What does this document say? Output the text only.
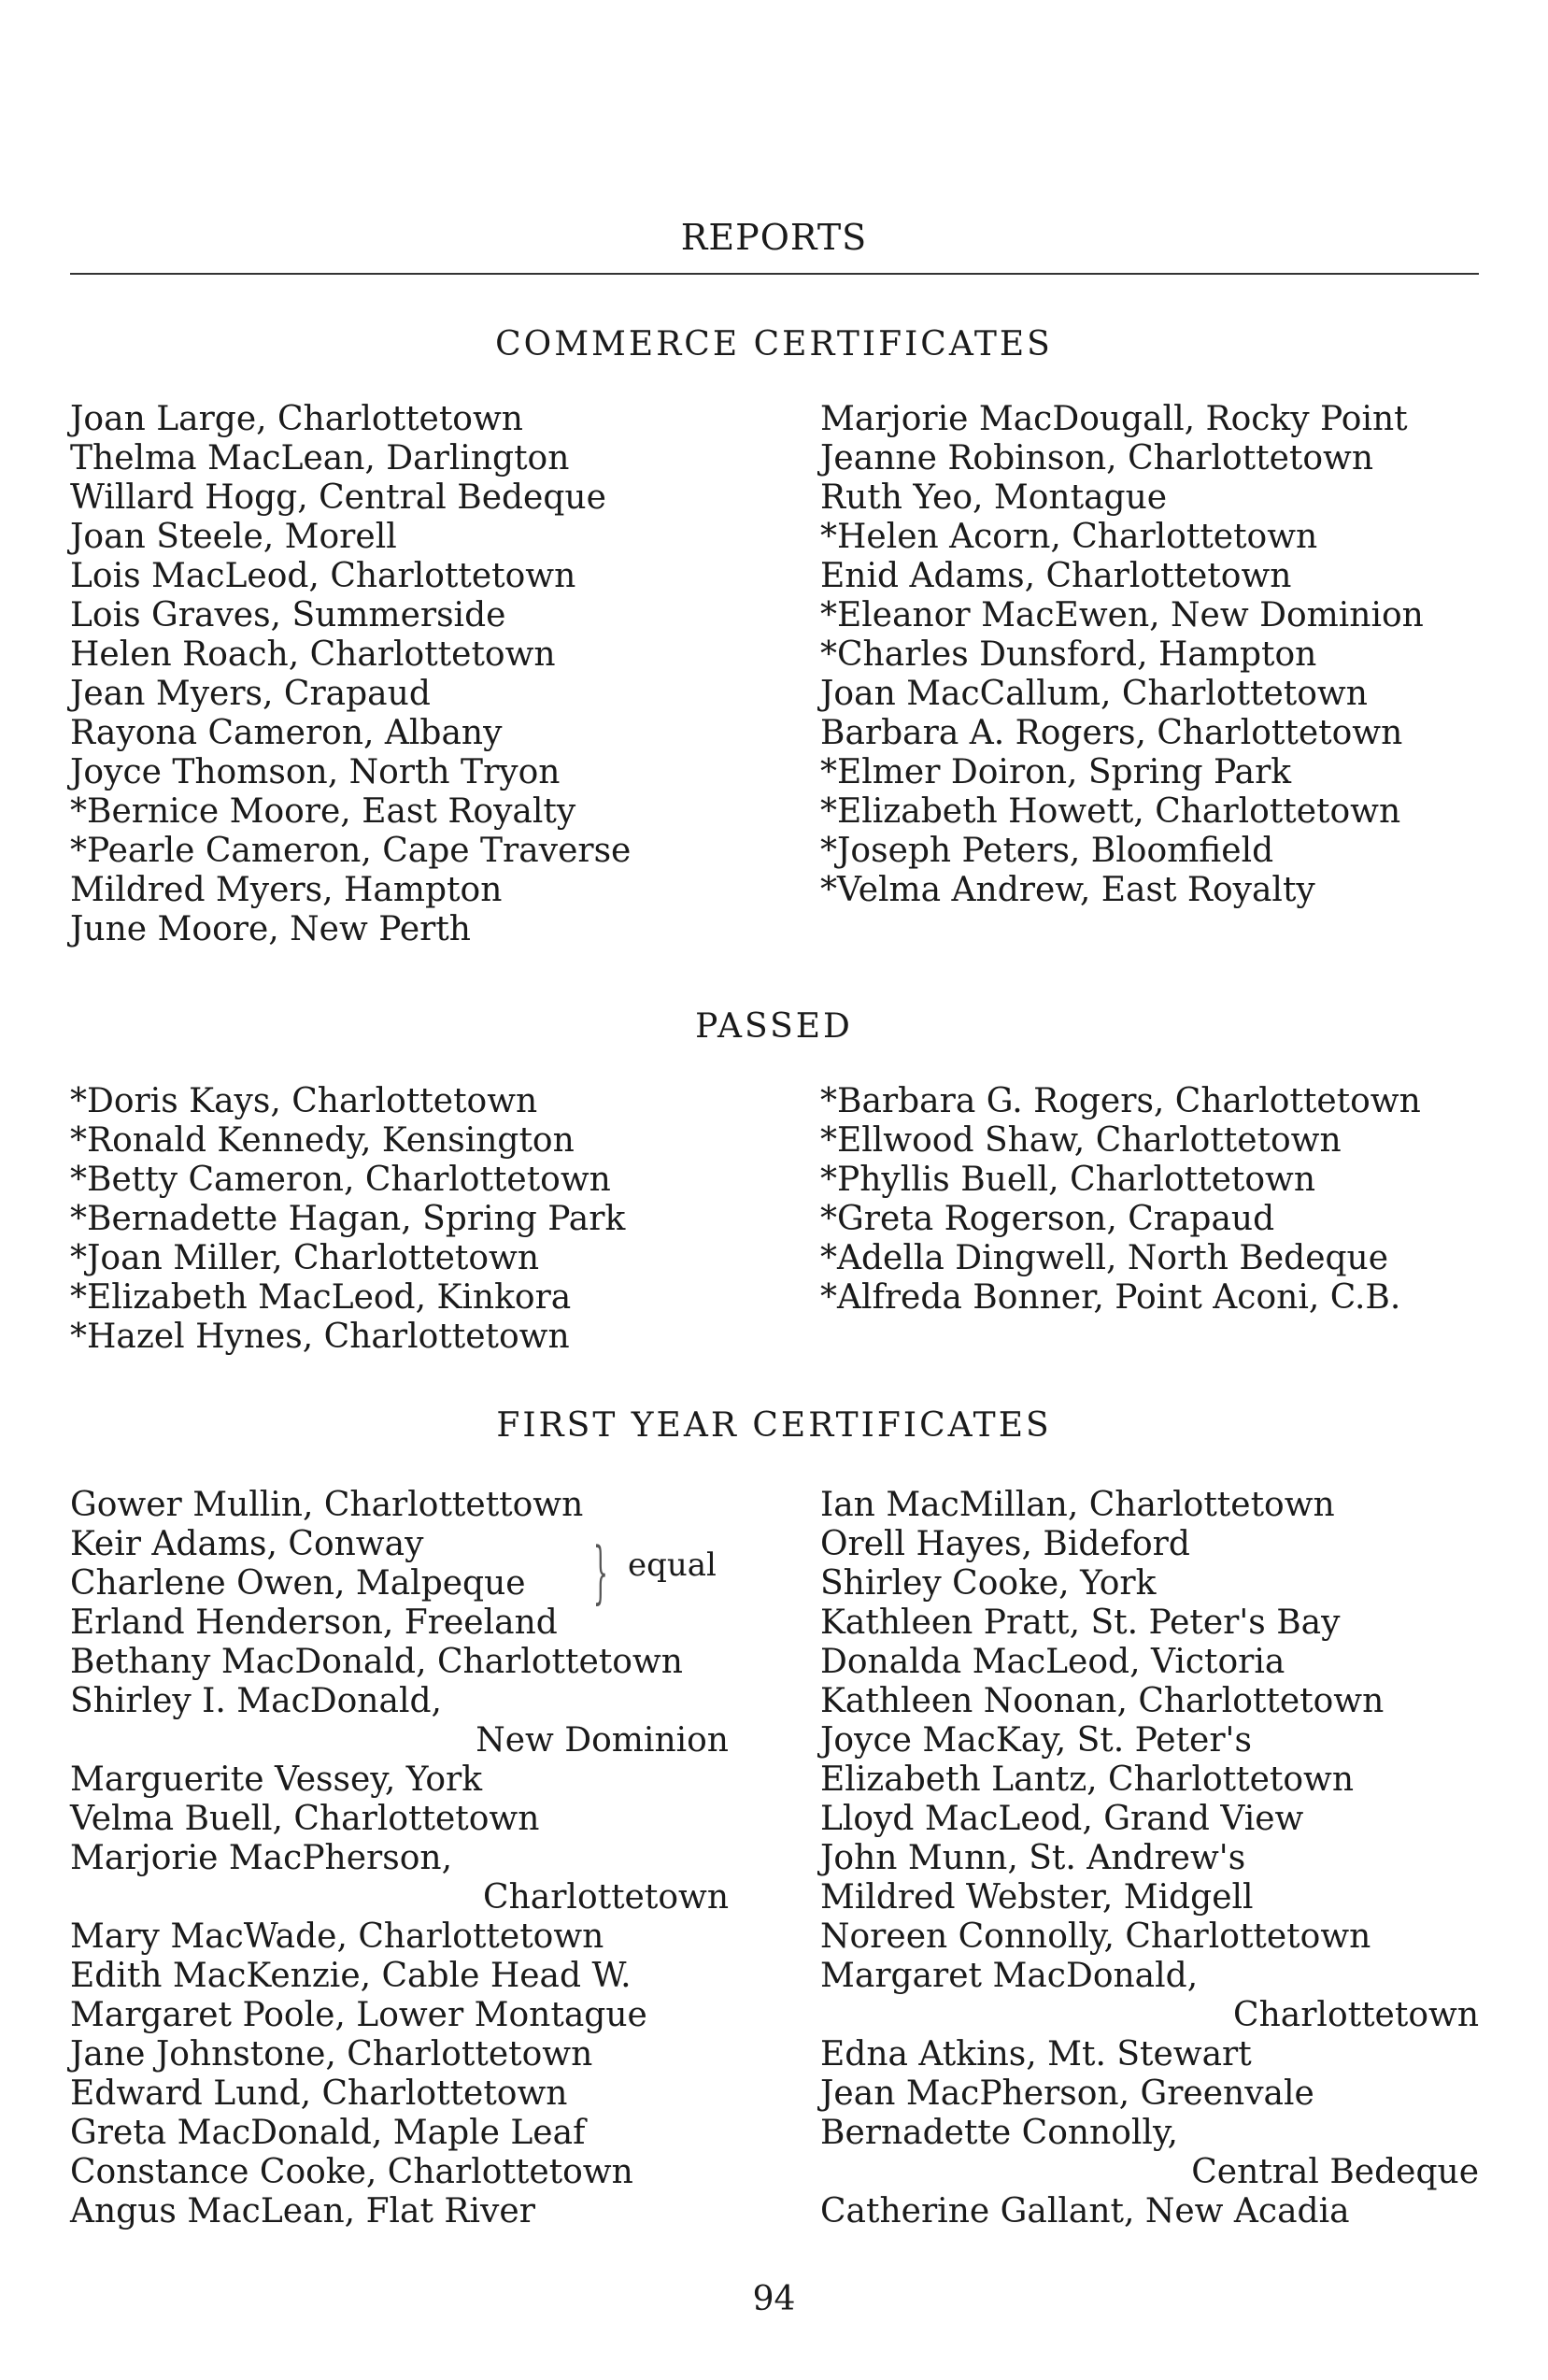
REPORTS
COMMERCE CERTIFICATES
Joan Large, Charlottetown
Thelma MacLean, Darlington
Willard Hogg, Central Bedeque
Joan Steele, Morell
Lois MacLeod, Charlottetown
Lois Graves, Summerside
Helen Roach, Charlottetown
Jean Myers, Crapaud
Rayona Cameron, Albany
Joyce Thomson, North Tryon
*Bernice Moore, East Royalty
*Pearle Cameron, Cape Traverse
Mildred Myers, Hampton
June Moore, New Perth
Marjorie MacDougall, Rocky Point
Jeanne Robinson, Charlottetown
Ruth Yeo, Montague
*Helen Acorn, Charlottetown
Enid Adams, Charlottetown
*Eleanor MacEwen, New Dominion
*Charles Dunsford, Hampton
Joan MacCallum, Charlottetown
Barbara A. Rogers, Charlottetown
*Elmer Doiron, Spring Park
*Elizabeth Howett, Charlottetown
*Joseph Peters, Bloomfield
*Velma Andrew, East Royalty
PASSED
*Doris Kays, Charlottetown
*Ronald Kennedy, Kensington
*Betty Cameron, Charlottetown
*Bernadette Hagan, Spring Park
*Joan Miller, Charlottetown
*Elizabeth MacLeod, Kinkora
*Hazel Hynes, Charlottetown
*Barbara G. Rogers, Charlottetown
*Ellwood Shaw, Charlottetown
*Phyllis Buell, Charlottetown
*Greta Rogerson, Crapaud
*Adella Dingwell, North Bedeque
*Alfreda Bonner, Point Aconi, C.B.
FIRST YEAR CERTIFICATES
Gower Mullin, Charlottettown
Keir Adams, Conway
Charlene Owen, Malpeque
Erland Henderson, Freeland
Bethany MacDonald, Charlottetown
Shirley I. MacDonald,
New Dominion
Marguerite Vessey, York
Velma Buell, Charlottetown
Marjorie MacPherson,
Charlottetown
Mary MacWade, Charlottetown
Edith MacKenzie, Cable Head W.
Margaret Poole, Lower Montague
Jane Johnstone, Charlottetown
Edward Lund, Charlottetown
Greta MacDonald, Maple Leaf
Constance Cooke, Charlottetown
Angus MacLean, Flat River
} equal
Ian MacMillan, Charlottetown
Orell Hayes, Bideford
Shirley Cooke, York
Kathleen Pratt, St. Peter's Bay
Donalda MacLeod, Victoria
Kathleen Noonan, Charlottetown
Joyce MacKay, St. Peter's
Elizabeth Lantz, Charlottetown
Lloyd MacLeod, Grand View
John Munn, St. Andrew's
Mildred Webster, Midgell
Noreen Connolly, Charlottetown
Margaret MacDonald,
Charlottetown
Edna Atkins, Mt. Stewart
Jean MacPherson, Greenvale
Bernadette Connolly,
Central Bedeque
Catherine Gallant, New Acadia
94
